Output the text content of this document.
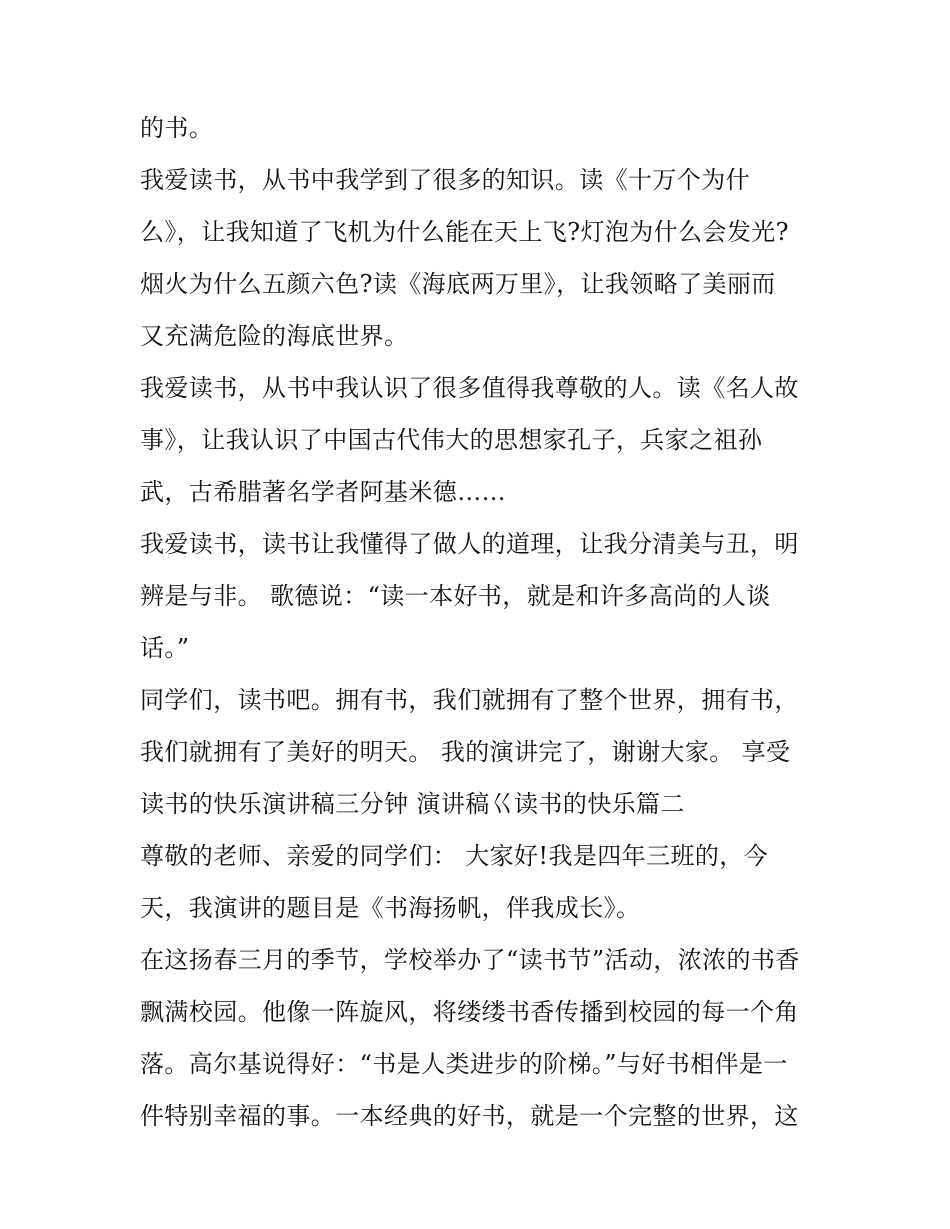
的书。
我爱读书，从书中我学到了很多的知识。读《十万个为什
么》，让我知道了飞机为什么能在天上飞?灯泡为什么会发光?
烟火为什么五颜六色?读《海底两万里》，让我领略了美丽而
又充满危险的海底世界。
我爱读书，从书中我认识了很多值得我尊敬的人。读《名人故
事》，让我认识了中国古代伟大的思想家孔子，兵家之祖孙
武，古希腊著名学者阿基米德……
我爱读书，读书让我懂得了做人的道理，让我分清美与丑，明
辨是与非。 歌德说：“读一本好书，就是和许多高尚的人谈
话。”
同学们，读书吧。拥有书，我们就拥有了整个世界，拥有书，
我们就拥有了美好的明天。 我的演讲完了，谢谢大家。 享受
读书的快乐演讲稿三分钟 演讲稿巜读书的快乐篇二
尊敬的老师、亲爱的同学们： 大家好!我是四年三班的，今
天，我演讲的题目是《书海扬帆，伴我成长》。
在这扬春三月的季节，学校举办了“读书节”活动，浓浓的书香
飘满校园。他像一阵旋风，将缕缕书香传播到校园的每一个角
落。高尔基说得好：“书是人类进步的阶梯。”与好书相伴是一
件特别幸福的事。一本经典的好书，就是一个完整的世界，这
